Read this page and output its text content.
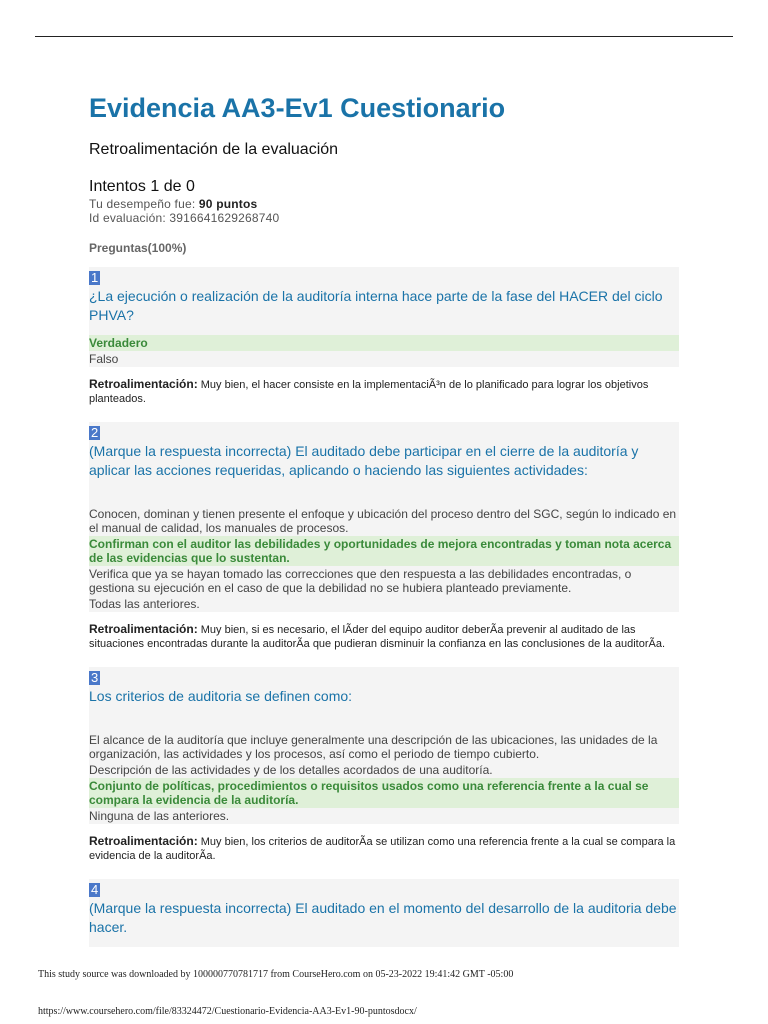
Evidencia AA3-Ev1 Cuestionario
Retroalimentación de la evaluación
Intentos 1 de 0
Tu desempeño fue: 90 puntos
Id evaluación: 3916641629268740
Preguntas(100%)
1
¿La ejecución o realización de la auditoría interna hace parte de la fase del HACER del ciclo PHVA?
Verdadero
Falso
Retroalimentación: Muy bien, el hacer consiste en la implementaciÃ³n de lo planificado para lograr los objetivos planteados.
2
(Marque la respuesta incorrecta) El auditado debe participar en el cierre de la auditoría y aplicar las acciones requeridas, aplicando o haciendo las siguientes actividades:
Conocen, dominan y tienen presente el enfoque y ubicación del proceso dentro del SGC, según lo indicado en el manual de calidad, los manuales de procesos.
Confirman con el auditor las debilidades y oportunidades de mejora encontradas y toman nota acerca de las evidencias que lo sustentan.
Verifica que ya se hayan tomado las correcciones que den respuesta a las debilidades encontradas, o gestiona su ejecución en el caso de que la debilidad no se hubiera planteado previamente.
Todas las anteriores.
Retroalimentación: Muy bien, si es necesario, el lÃder del equipo auditor deberÃa prevenir al auditado de las situaciones encontradas durante la auditorÃa que pudieran disminuir la confianza en las conclusiones de la auditorÃa.
3
Los criterios de auditoria se definen como:
El alcance de la auditoría que incluye generalmente una descripción de las ubicaciones, las unidades de la organización, las actividades y los procesos, así como el periodo de tiempo cubierto.
Descripción de las actividades y de los detalles acordados de una auditoría.
Conjunto de políticas, procedimientos o requisitos usados como una referencia frente a la cual se compara la evidencia de la auditoría.
Ninguna de las anteriores.
Retroalimentación: Muy bien, los criterios de auditorÃa se utilizan como una referencia frente a la cual se compara la evidencia de la auditorÃa.
4
(Marque la respuesta incorrecta) El auditado en el momento del desarrollo de la auditoria debe hacer.
This study source was downloaded by 100000770781717 from CourseHero.com on 05-23-2022 19:41:42 GMT -05:00
https://www.coursehero.com/file/83324472/Cuestionario-Evidencia-AA3-Ev1-90-puntosdocx/
